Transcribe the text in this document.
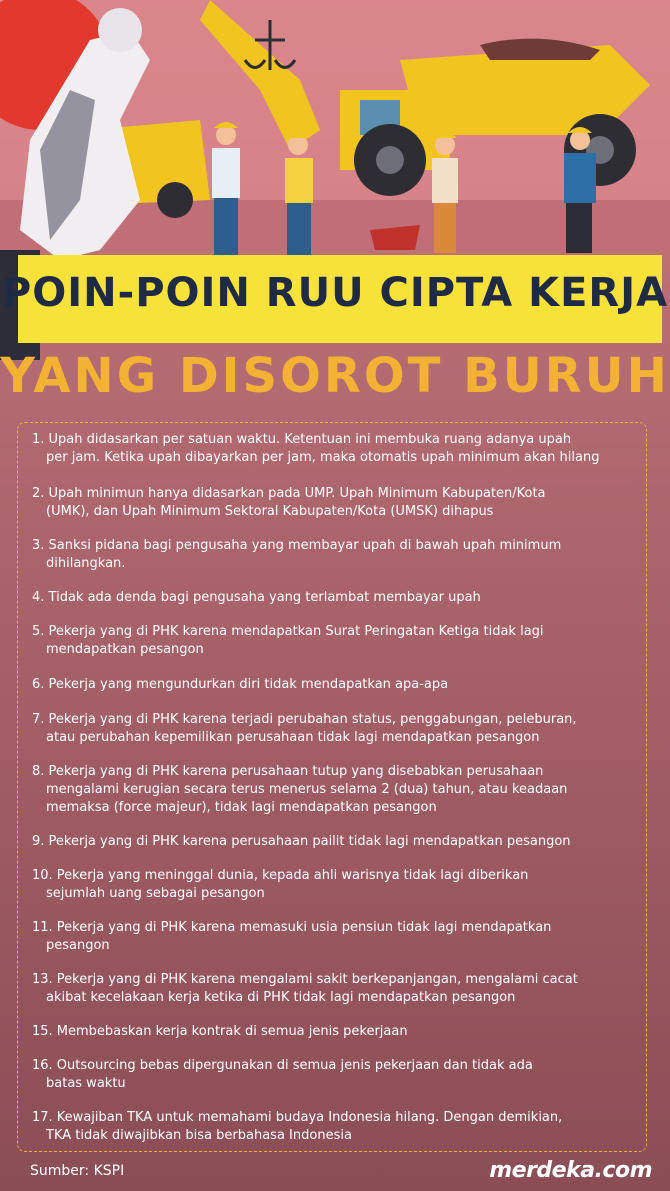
POIN-POIN RUU CIPTA KERJA
YANG DISOROT BURUH
1. Upah didasarkan per satuan waktu. Ketentuan ini membuka ruang adanya upah
per jam. Ketika upah dibayarkan per jam, maka otomatis upah minimum akan hilang
2. Upah minimun hanya didasarkan pada UMP. Upah Minimum Kabupaten/Kota
(UMK), dan Upah Minimum Sektoral Kabupaten/Kota (UMSK) dihapus
3. Sanksi pidana bagi pengusaha yang membayar upah di bawah upah minimum
dihilangkan.
4. Tidak ada denda bagi pengusaha yang terlambat membayar upah
5. Pekerja yang di PHK karena mendapatkan Surat Peringatan Ketiga tidak lagi
mendapatkan pesangon
6. Pekerja yang mengundurkan diri tidak mendapatkan apa-apa
7. Pekerja yang di PHK karena terjadi perubahan status, penggabungan, peleburan,
atau perubahan kepemilikan perusahaan tidak lagi mendapatkan pesangon
8. Pekerja yang di PHK karena perusahaan tutup yang disebabkan perusahaan
mengalami kerugian secara terus menerus selama 2 (dua) tahun, atau keadaan
memaksa (force majeur), tidak lagi mendapatkan pesangon
9. Pekerja yang di PHK karena perusahaan pailit tidak lagi mendapatkan pesangon
10. Pekerja yang meninggal dunia, kepada ahli warisnya tidak lagi diberikan
sejumlah uang sebagai pesangon
11. Pekerja yang di PHK karena memasuki usia pensiun tidak lagi mendapatkan
pesangon
13. Pekerja yang di PHK karena mengalami sakit berkepanjangan, mengalami cacat
akibat kecelakaan kerja ketika di PHK tidak lagi mendapatkan pesangon
15. Membebaskan kerja kontrak di semua jenis pekerjaan
16. Outsourcing bebas dipergunakan di semua jenis pekerjaan dan tidak ada
batas waktu
17. Kewajiban TKA untuk memahami budaya Indonesia hilang. Dengan demikian,
TKA tidak diwajibkan bisa berbahasa Indonesia
Sumber: KSPI	merdeka.com
